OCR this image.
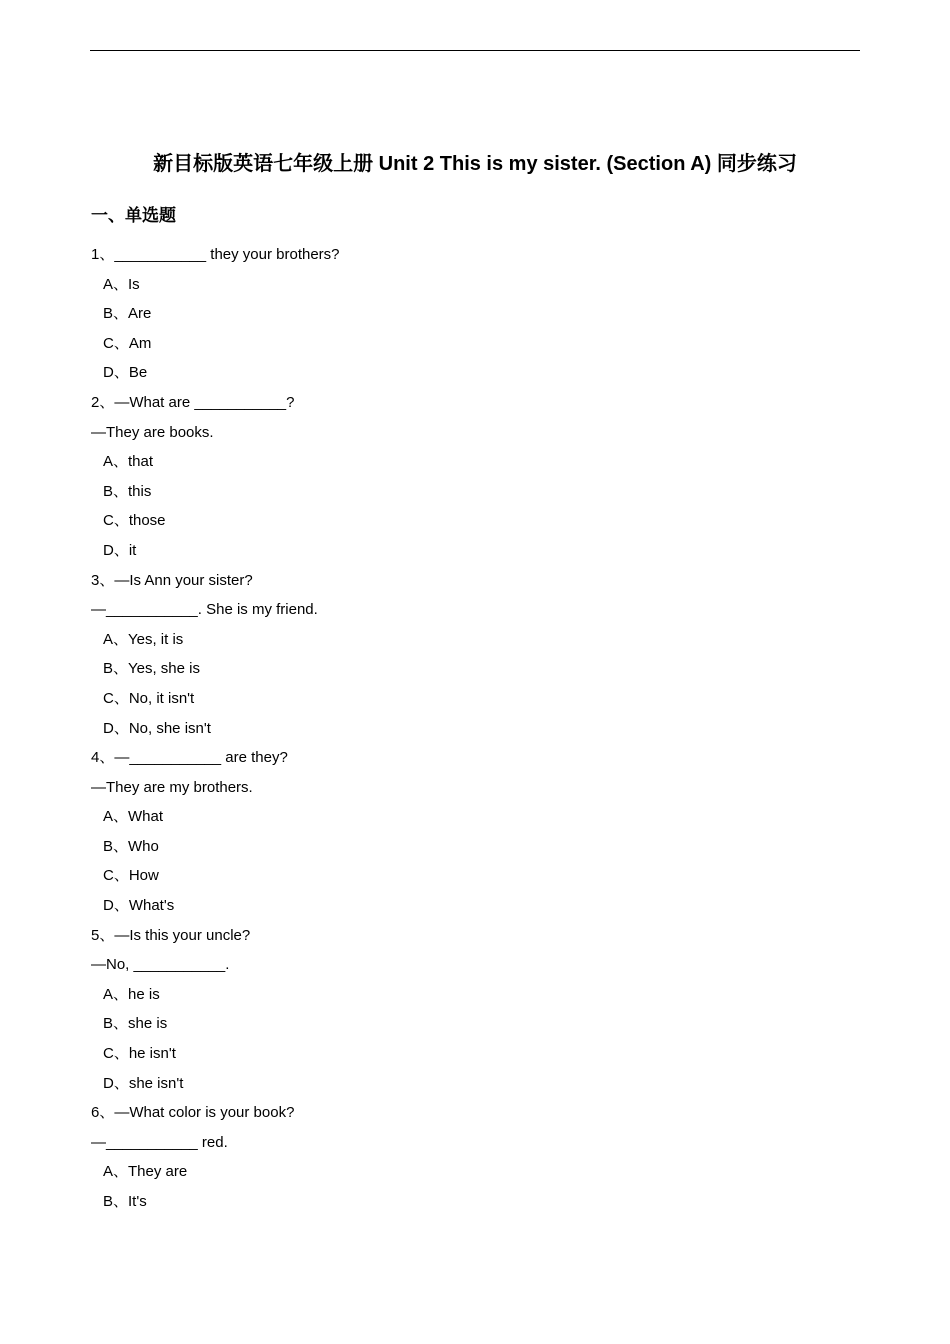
新目标版英语七年级上册 Unit 2 This is my sister. (Section A) 同步练习
一、单选题
1、___________ they your brothers?
A、Is
B、Are
C、Am
D、Be
2、—What are ___________?
—They are books.
A、that
B、this
C、those
D、it
3、—Is Ann your sister?
—___________. She is my friend.
A、Yes, it is
B、Yes, she is
C、No, it isn't
D、No, she isn't
4、—___________ are they?
—They are my brothers.
A、What
B、Who
C、How
D、What's
5、—Is this your uncle?
—No, ___________.
A、he is
B、she is
C、he isn't
D、she isn't
6、—What color is your book?
—___________ red.
A、They are
B、It's
